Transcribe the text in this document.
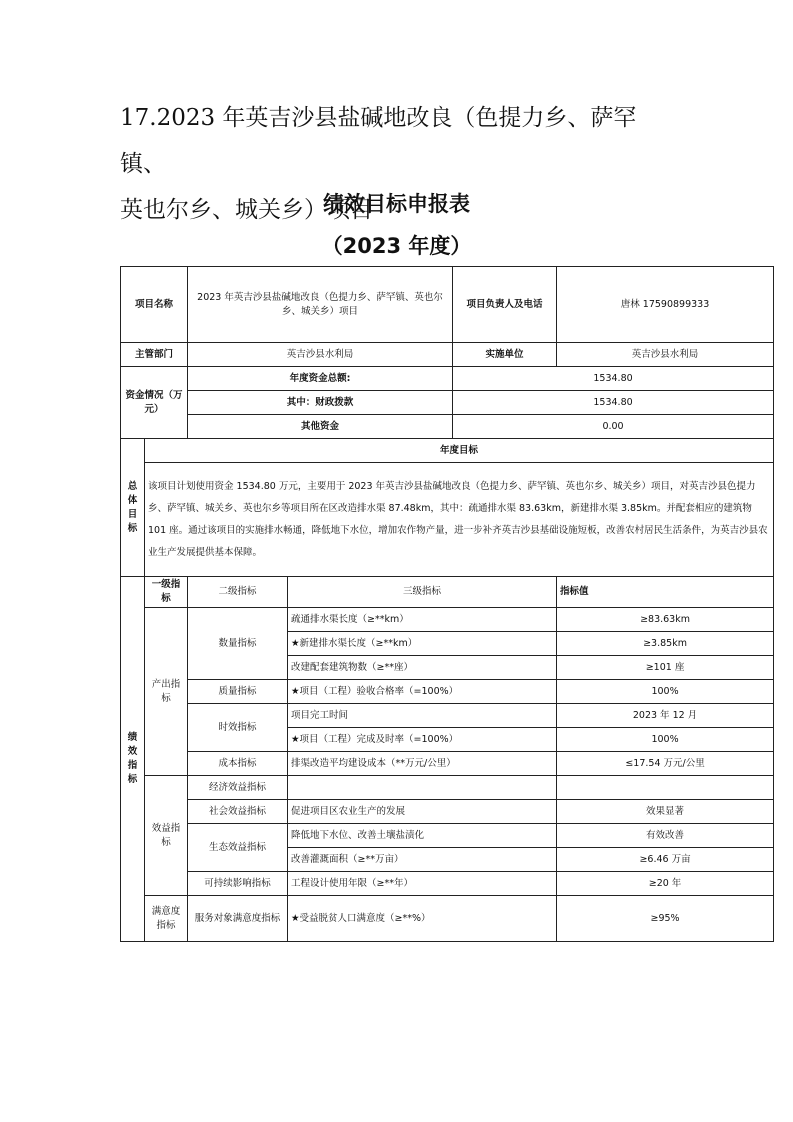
17.2023 年英吉沙县盐碱地改良（色提力乡、萨罕镇、
英也尔乡、城关乡）项目
绩效目标申报表
（2023 年度）
项目名称		2023 年英吉沙县盐碱地改良（色提力乡、萨罕镇、英也尔乡、城关乡）项目		项目负责人及电话	唐林 17590899333
主管部门		英吉沙县水利局		实施单位	英吉沙县水利局
资金情况（万元）		年度资金总额:		1534.80	
		其中：财政拨款		1534.80	
		其他资金		0.00	
总体目标	年度目标				
	该项目计划使用资金 1534.80 万元，主要用于 2023 年英吉沙县盐碱地改良（色提力乡、萨罕镇、英也尔乡、城关乡）项目，对英吉沙县色提力乡、萨罕镇、城关乡、英也尔乡等项目所在区改造排水渠 87.48km，其中：疏通排水渠 83.63km，新建排水渠 3.85km。并配套相应的建筑物 101 座。通过该项目的实施排水畅通，降低地下水位，增加农作物产量，进一步补齐英吉沙县基础设施短板，改善农村居民生活条件，为英吉沙县农业生产发展提供基本保障。				
绩效指标	一级指标	二级指标	三级指标		指标值
	产出指标	数量指标	疏通排水渠长度（≥**km）		≥83.63km
			★新建排水渠长度（≥**km）		≥3.85km
			改建配套建筑物数（≥**座）		≥101 座
		质量指标	★项目（工程）验收合格率（=100%）		100%
		时效指标	项目完工时间		2023 年 12 月
			★项目（工程）完成及时率（=100%）		100%
		成本指标	排渠改造平均建设成本（**万元/公里）		≤17.54 万元/公里
	效益指标	经济效益指标			
		社会效益指标	促进项目区农业生产的发展		效果显著
		生态效益指标	降低地下水位、改善土壤盐渍化		有效改善
			改善灌溉面积（≥**万亩）		≥6.46 万亩
		可持续影响指标	工程设计使用年限（≥**年）		≥20 年
	满意度指标	服务对象满意度指标	★受益脱贫人口满意度（≥**%）		≥95%
